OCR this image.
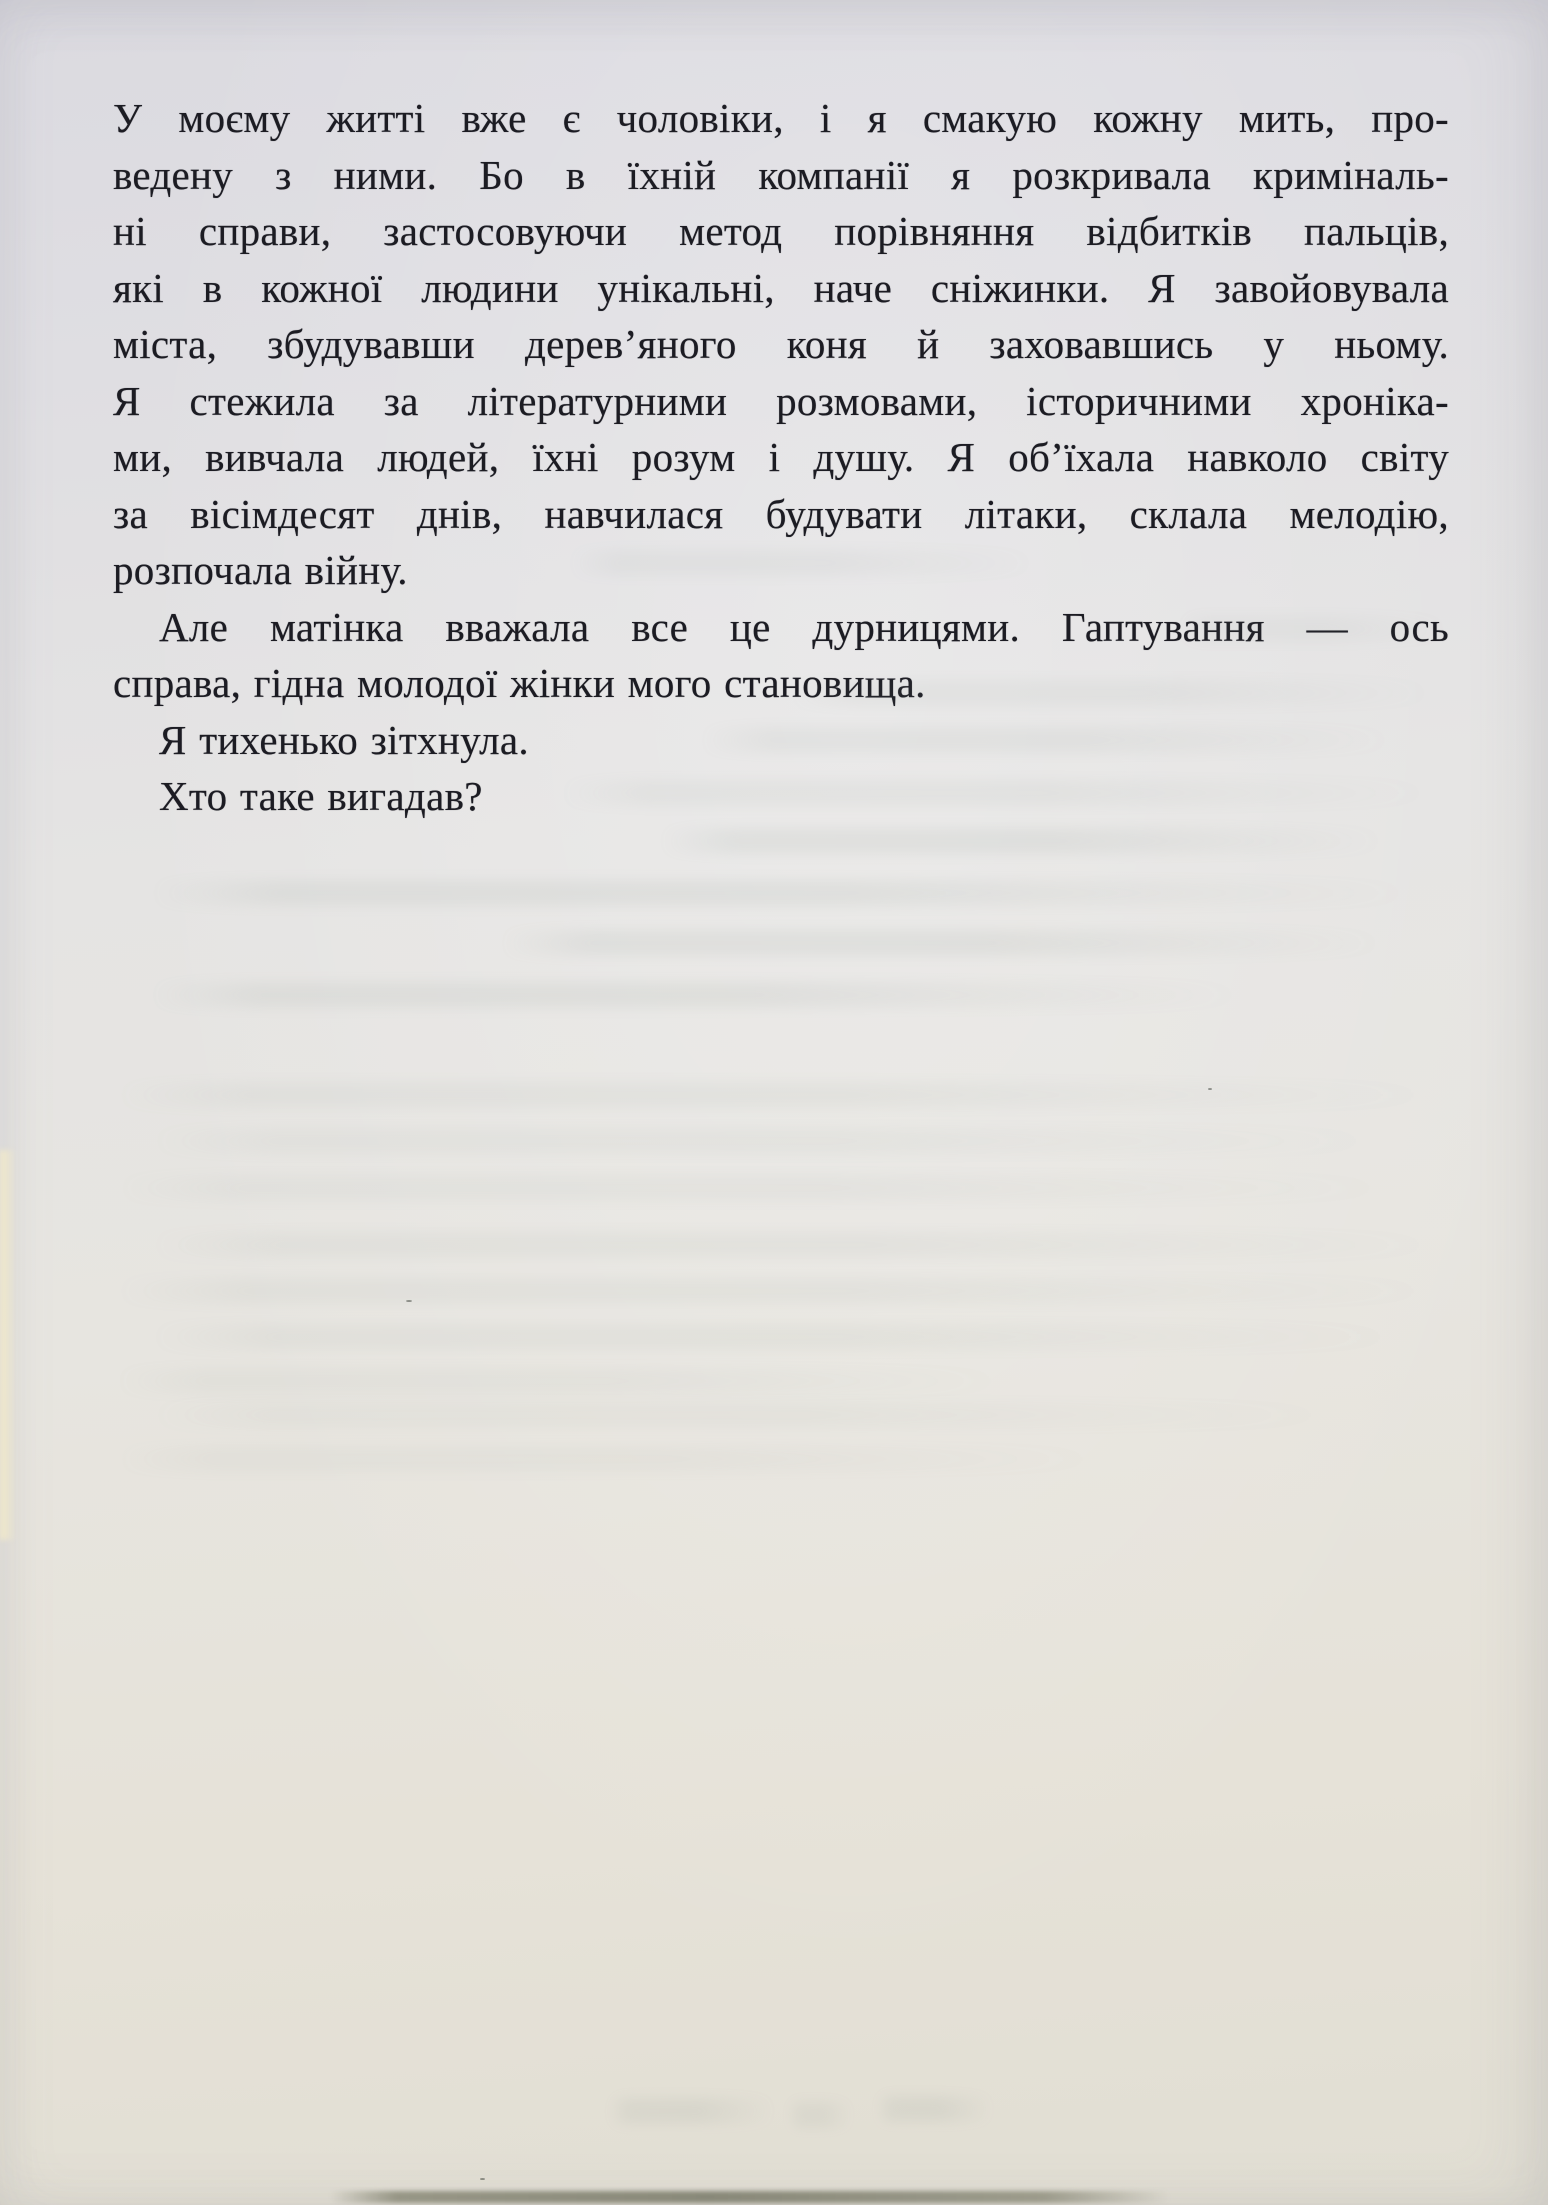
У моєму житті вже є чоловіки, і я смакую кожну мить, про-
ведену з ними. Бо в їхній компанії я розкривала криміналь-
ні справи, застосовуючи метод порівняння відбитків пальців,
які в кожної людини унікальні, наче сніжинки. Я завойовувала
міста, збудувавши дерев’яного коня й заховавшись у ньому.
Я стежила за літературними розмовами, історичними хроніка-
ми, вивчала людей, їхні розум і душу. Я об’їхала навколо світу
за вісімдесят днів, навчилася будувати літаки, склала мелодію,
розпочала війну.
Але матінка вважала все це дурницями. Гаптування — ось
справа, гідна молодої жінки мого становища.
Я тихенько зітхнула.
Хто таке вигадав?
